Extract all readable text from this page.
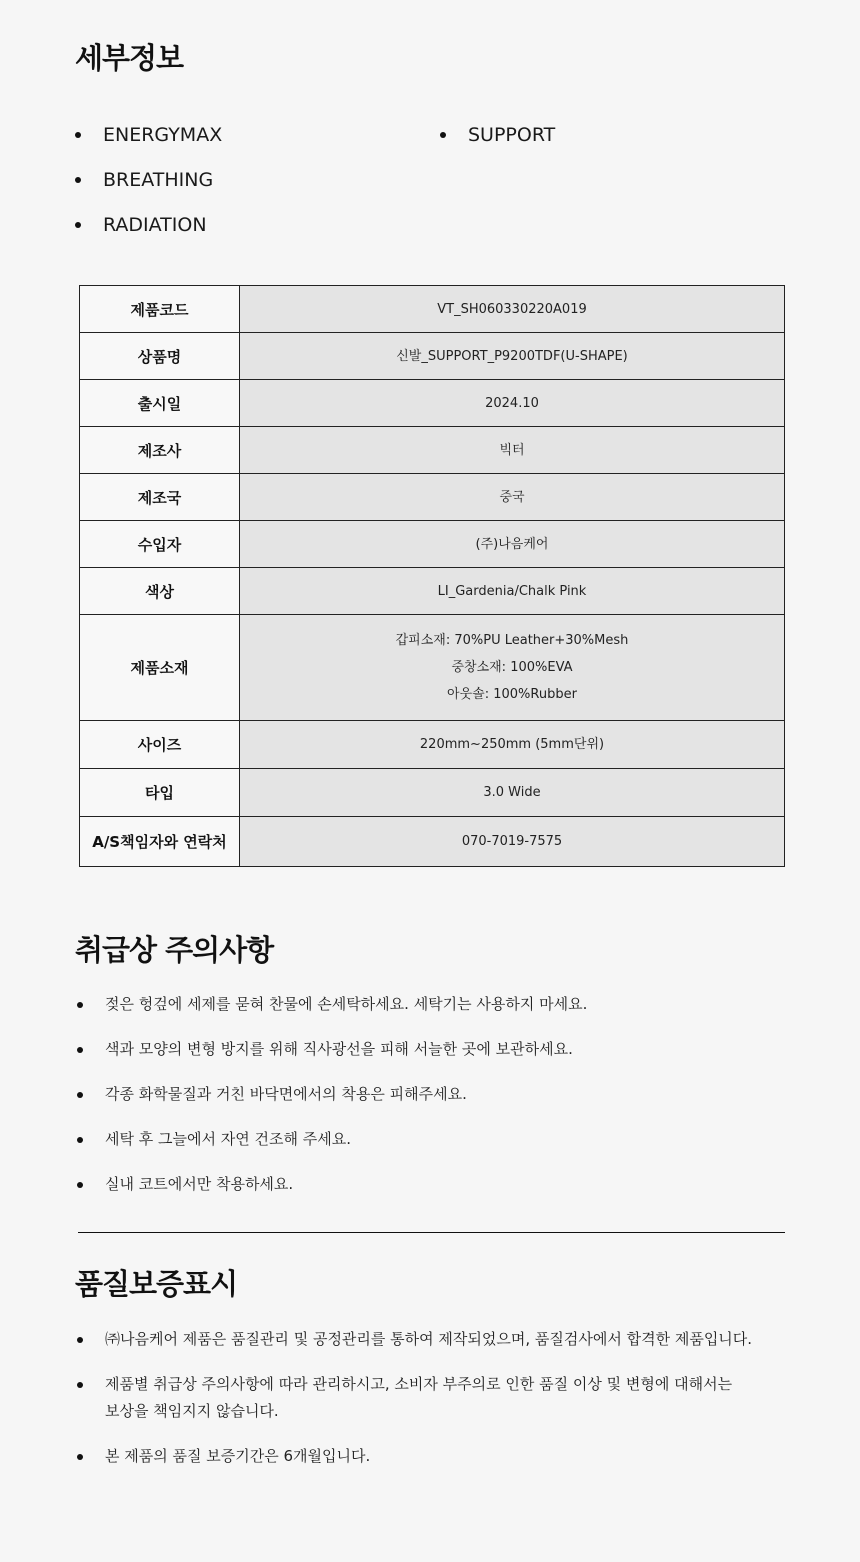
세부정보
ENERGYMAX
BREATHING
RADIATION
SUPPORT
제품코드	VT_SH060330220A019

상품명	신발_SUPPORT_P9200TDF(U-SHAPE)

출시일	2024.10

제조사	빅터

제조국	중국

수입자	(주)나음케어

색상	LI_Gardenia/Chalk Pink

제품소재	갑피소재: 70%PU Leather+30%Mesh
중창소재: 100%EVA
아웃솔: 100%Rubber

사이즈	220mm~250mm (5mm단위)

타입	3.0 Wide

A/S책임자와 연락처	070-7019-7575
취급상 주의사항
젖은 헝겊에 세제를 묻혀 찬물에 손세탁하세요. 세탁기는 사용하지 마세요.
색과 모양의 변형 방지를 위해 직사광선을 피해 서늘한 곳에 보관하세요.
각종 화학물질과 거친 바닥면에서의 착용은 피해주세요.
세탁 후 그늘에서 자연 건조해 주세요.
실내 코트에서만 착용하세요.
품질보증표시
㈜나음케어 제품은 품질관리 및 공정관리를 통하여 제작되었으며, 품질검사에서 합격한 제품입니다.
제품별 취급상 주의사항에 따라 관리하시고, 소비자 부주의로 인한 품질 이상 및 변형에 대해서는
보상을 책임지지 않습니다.
본 제품의 품질 보증기간은 6개월입니다.
